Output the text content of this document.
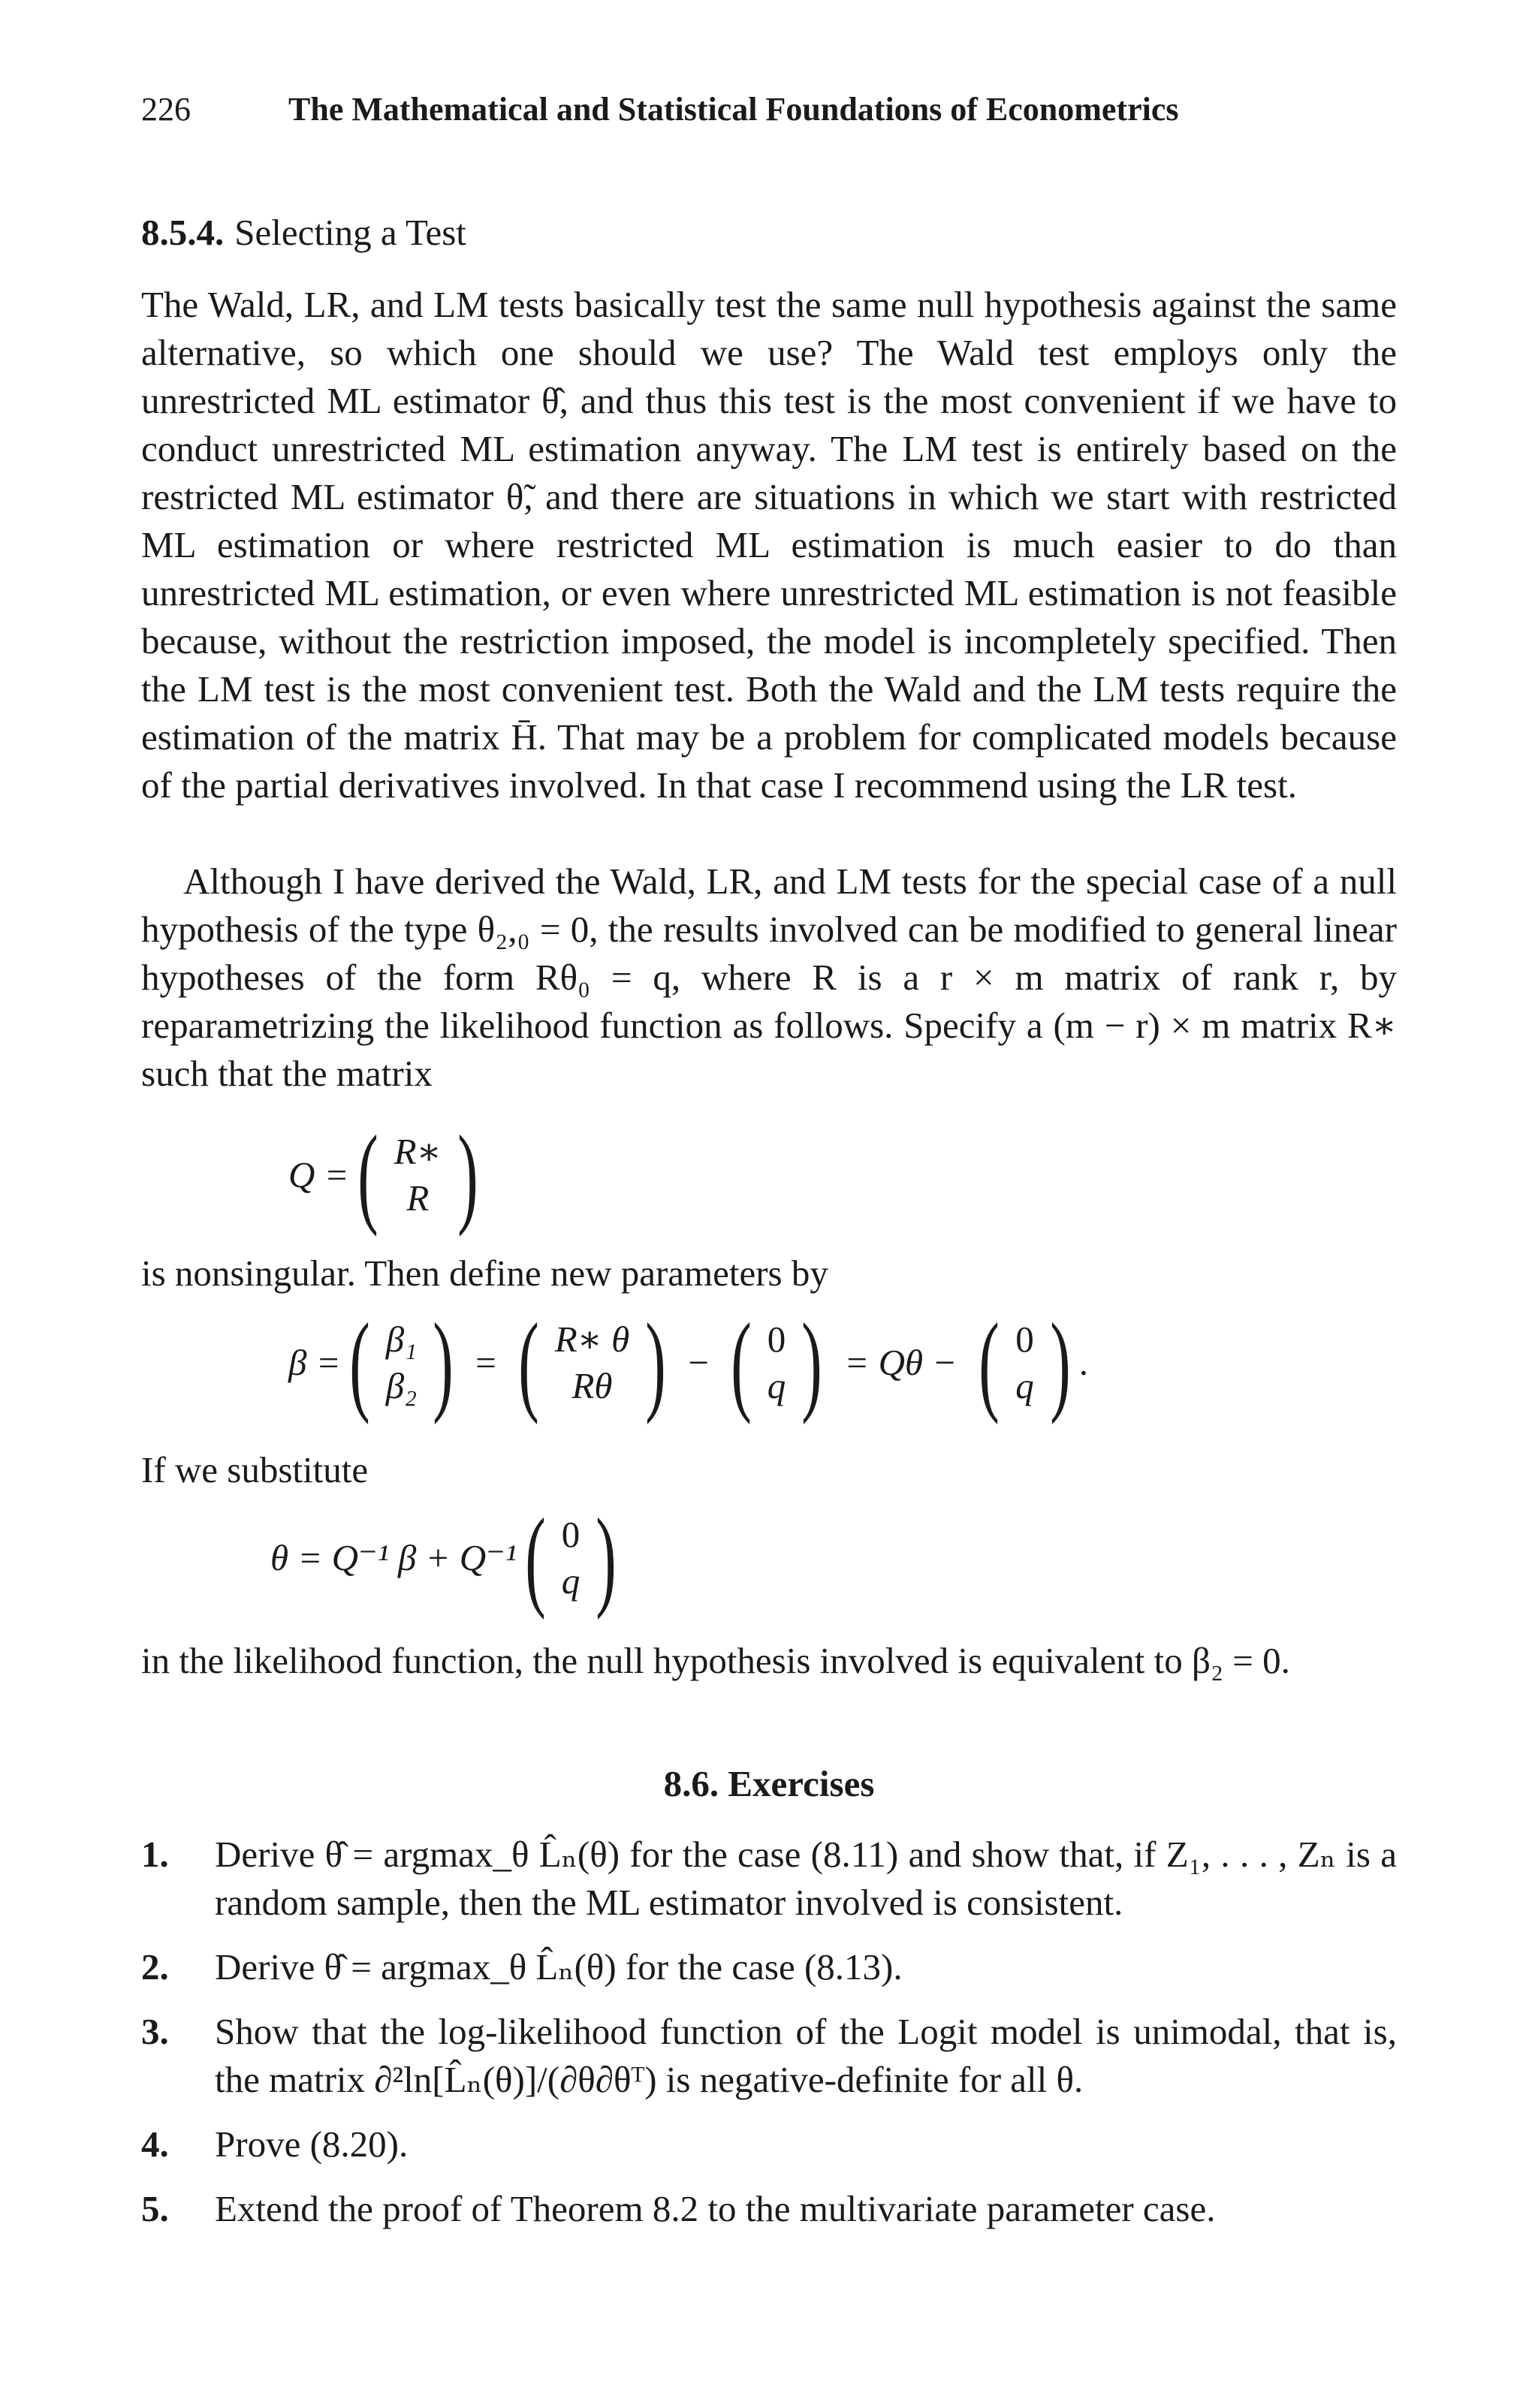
226	The Mathematical and Statistical Foundations of Econometrics
8.5.4. Selecting a Test

The Wald, LR, and LM tests basically test the same null hypothesis against the same alternative, so which one should we use? The Wald test employs only the unrestricted ML estimator θ̂, and thus this test is the most convenient if we have to conduct unrestricted ML estimation anyway. The LM test is entirely based on the restricted ML estimator θ̃, and there are situations in which we start with restricted ML estimation or where restricted ML estimation is much easier to do than unrestricted ML estimation, or even where unrestricted ML estimation is not feasible because, without the restriction imposed, the model is incompletely specified. Then the LM test is the most convenient test. Both the Wald and the LM tests require the estimation of the matrix H̄. That may be a problem for complicated models because of the partial derivatives involved. In that case I recommend using the LR test.

Although I have derived the Wald, LR, and LM tests for the special case of a null hypothesis of the type θ₂,₀ = 0, the results involved can be modified to general linear hypotheses of the form Rθ₀ = q, where R is a r × m matrix of rank r, by reparametrizing the likelihood function as follows. Specify a (m − r) × m matrix R∗ such that the matrix

Q = ( R∗
R )

is nonsingular. Then define new parameters by

β = ( β₁
β₂ ) = ( R∗ θ
Rθ ) − ( 0
q ) = Qθ − ( 0
q ) .

If we substitute

θ = Q⁻¹ β + Q⁻¹ ( 0
q )

in the likelihood function, the null hypothesis involved is equivalent to β₂ = 0.

8.6. Exercises
1.	Derive θ̂ = argmax_θ L̂ₙ(θ) for the case (8.11) and show that, if Z₁, . . . , Zₙ is a random sample, then the ML estimator involved is consistent.
2.	Derive θ̂ = argmax_θ L̂ₙ(θ) for the case (8.13).
3.	Show that the log-likelihood function of the Logit model is unimodal, that is, the matrix ∂²ln[L̂ₙ(θ)]/(∂θ∂θᵀ) is negative-definite for all θ.
4.	Prove (8.20).
5.	Extend the proof of Theorem 8.2 to the multivariate parameter case.
